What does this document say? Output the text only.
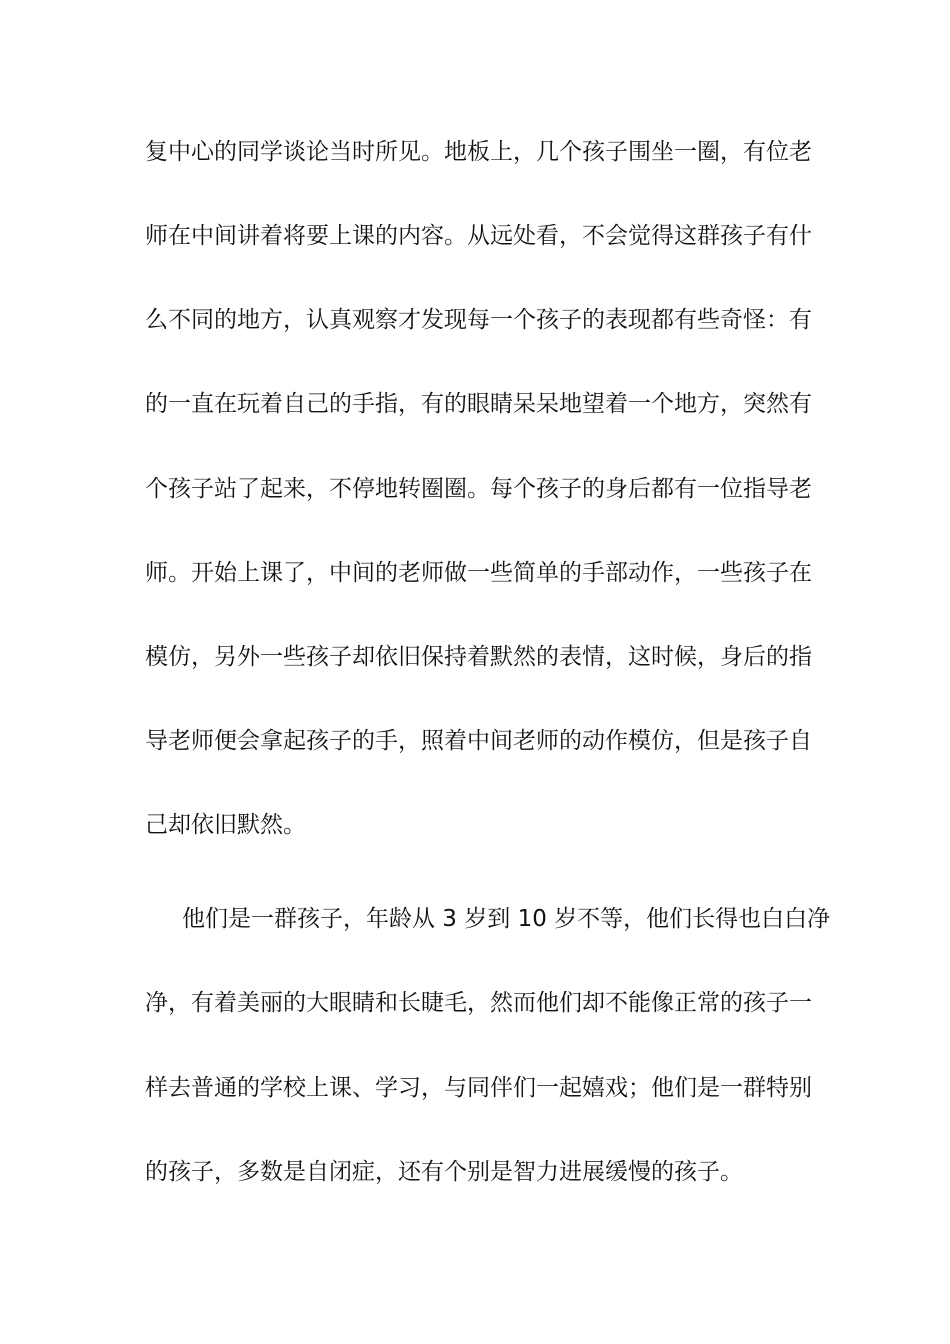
复中心的同学谈论当时所见。地板上，几个孩子围坐一圈，有位老
师在中间讲着将要上课的内容。从远处看，不会觉得这群孩子有什
么不同的地方，认真观察才发现每一个孩子的表现都有些奇怪：有
的一直在玩着自己的手指，有的眼睛呆呆地望着一个地方，突然有
个孩子站了起来，不停地转圈圈。每个孩子的身后都有一位指导老
师。开始上课了，中间的老师做一些简单的手部动作，一些孩子在
模仿，另外一些孩子却依旧保持着默然的表情，这时候，身后的指
导老师便会拿起孩子的手，照着中间老师的动作模仿，但是孩子自
己却依旧默然。
他们是一群孩子，年龄从 3 岁到 10 岁不等，他们长得也白白净
净，有着美丽的大眼睛和长睫毛，然而他们却不能像正常的孩子一
样去普通的学校上课、学习，与同伴们一起嬉戏；他们是一群特别
的孩子，多数是自闭症，还有个别是智力进展缓慢的孩子。
